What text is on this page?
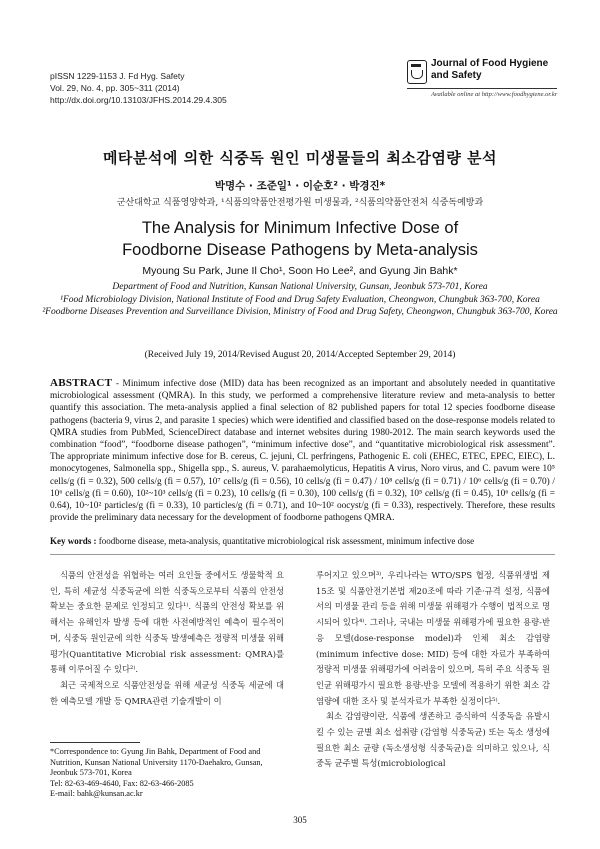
pISSN 1229-1153 J. Fd Hyg. Safety
Vol. 29, No. 4, pp. 305~311 (2014)
http://dx.doi.org/10.13103/JFHS.2014.29.4.305
Journal of Food Hygiene and Safety
Available online at http://www.foodhygiene.or.kr
메타분석에 의한 식중독 원인 미생물들의 최소감염량 분석
박명수 · 조준일¹ · 이순호² · 박경진*
군산대학교 식품영양학과, ¹식품의약품안전평가원 미생물과, ²식품의약품안전처 식중독예방과
The Analysis for Minimum Infective Dose of
Foodborne Disease Pathogens by Meta-analysis
Myoung Su Park, June Il Cho¹, Soon Ho Lee², and Gyung Jin Bahk*
Department of Food and Nutrition, Kunsan National University, Gunsan, Jeonbuk 573-701, Korea
¹Food Microbiology Division, National Institute of Food and Drug Safety Evaluation, Cheongwon, Chungbuk 363-700, Korea
²Foodborne Diseases Prevention and Surveillance Division, Ministry of Food and Drug Safety, Cheongwon, Chungbuk 363-700, Korea
(Received July 19, 2014/Revised August 20, 2014/Accepted September 29, 2014)
ABSTRACT - Minimum infective dose (MID) data has been recognized as an important and absolutely needed in quantitative microbiological assessment (QMRA). In this study, we performed a comprehensive literature review and meta-analysis to better quantify this association. The meta-analysis applied a final selection of 82 published papers for total 12 species foodborne disease pathogens (bacteria 9, virus 2, and parasite 1 species) which were identified and classified based on the dose-response models related to QMRA studies from PubMed, ScienceDirect database and internet websites during 1980-2012. The main search keywords used the combination “food”, “foodborne disease pathogen”, “minimum infective dose”, and “quantitative microbiological risk assessment”. The appropriate minimum infective dose for B. cereus, C. jejuni, Cl. perfringens, Pathogenic E. coli (EHEC, ETEC, EPEC, EIEC), L. monocytogenes, Salmonella spp., Shigella spp., S. aureus, V. parahaemolyticus, Hepatitis A virus, Noro virus, and C. pavum were 10⁵ cells/g (fi = 0.32), 500 cells/g (fi = 0.57), 10⁷ cells/g (fi = 0.56), 10 cells/g (fi = 0.47) / 10⁸ cells/g (fi = 0.71) / 10⁶ cells/g (fi = 0.70) / 10⁶ cells/g (fi = 0.60), 10²~10³ cells/g (fi = 0.23), 10 cells/g (fi = 0.30), 100 cells/g (fi = 0.32), 10⁵ cells/g (fi = 0.45), 10⁶ cells/g (fi = 0.64), 10~10² particles/g (fi = 0.33), 10 particles/g (fi = 0.71), and 10~10² oocyst/g (fi = 0.33), respectively. Therefore, these results provide the preliminary data necessary for the development of foodborne pathogens QMRA.
Key words : foodborne disease, meta-analysis, quantitative microbiological risk assessment, minimum infective dose

식품의 안전성을 위협하는 여러 요인들 중에서도 생물학적 요인, 특히 세균성 식중독균에 의한 식중독으로부터 식품의 안전성 확보는 중요한 문제로 인정되고 있다¹⁾. 식품의 안전성 확보를 위해서는 유해인자 발생 등에 대한 사전예방적인 예측이 필수적이며, 식중독 원인균에 의한 식중독 발생예측은 정량적 미생물 위해평가(Quantitative Microbial risk assessment: QMRA)를 통해 이루어질 수 있다²⁾.

최근 국제적으로 식품안전성을 위해 세균성 식중독 세균에 대한 예측모델 개발 등 QMRA관련 기술개발이 이

루어지고 있으며³⁾, 우리나라는 WTO/SPS 협정, 식품위생법 제15조 및 식품안전기본법 제20조에 따라 기준·규격 설정, 식품에서의 미생물 관리 등을 위해 미생물 위해평가 수행이 법적으로 명시되어 있다⁴⁾. 그러나, 국내는 미생물 위해평가에 필요한 용량-반응 모델(dose-response model)과 인체 최소 감염량(minimum infective dose: MID) 등에 대한 자료가 부족하여 정량적 미생물 위해평가에 어려움이 있으며, 특히 주요 식중독 원인균 위해평가시 필요한 용량-반응 모델에 적용하기 위한 최소 감염량에 대한 조사 및 분석자료가 부족한 실정이다⁵⁾.

최소 감염량이란, 식품에 생존하고 증식하여 식중독을 유발시킬 수 있는 균별 최소 섭취량 (감염형 식중독균) 또는 독소 생성에 필요한 최소 균량 (독소생성형 식중독균)을 의미하고 있으나, 식중독 균주별 특성(microbiological

*Correspondence to: Gyung Jin Bahk, Department of Food and Nutrition, Kunsan National University 1170-Daehakro, Gunsan, Jeonbuk 573-701, Korea
Tel: 82-63-469-4640, Fax: 82-63-466-2085
E-mail: bahk@kunsan.ac.kr
305
